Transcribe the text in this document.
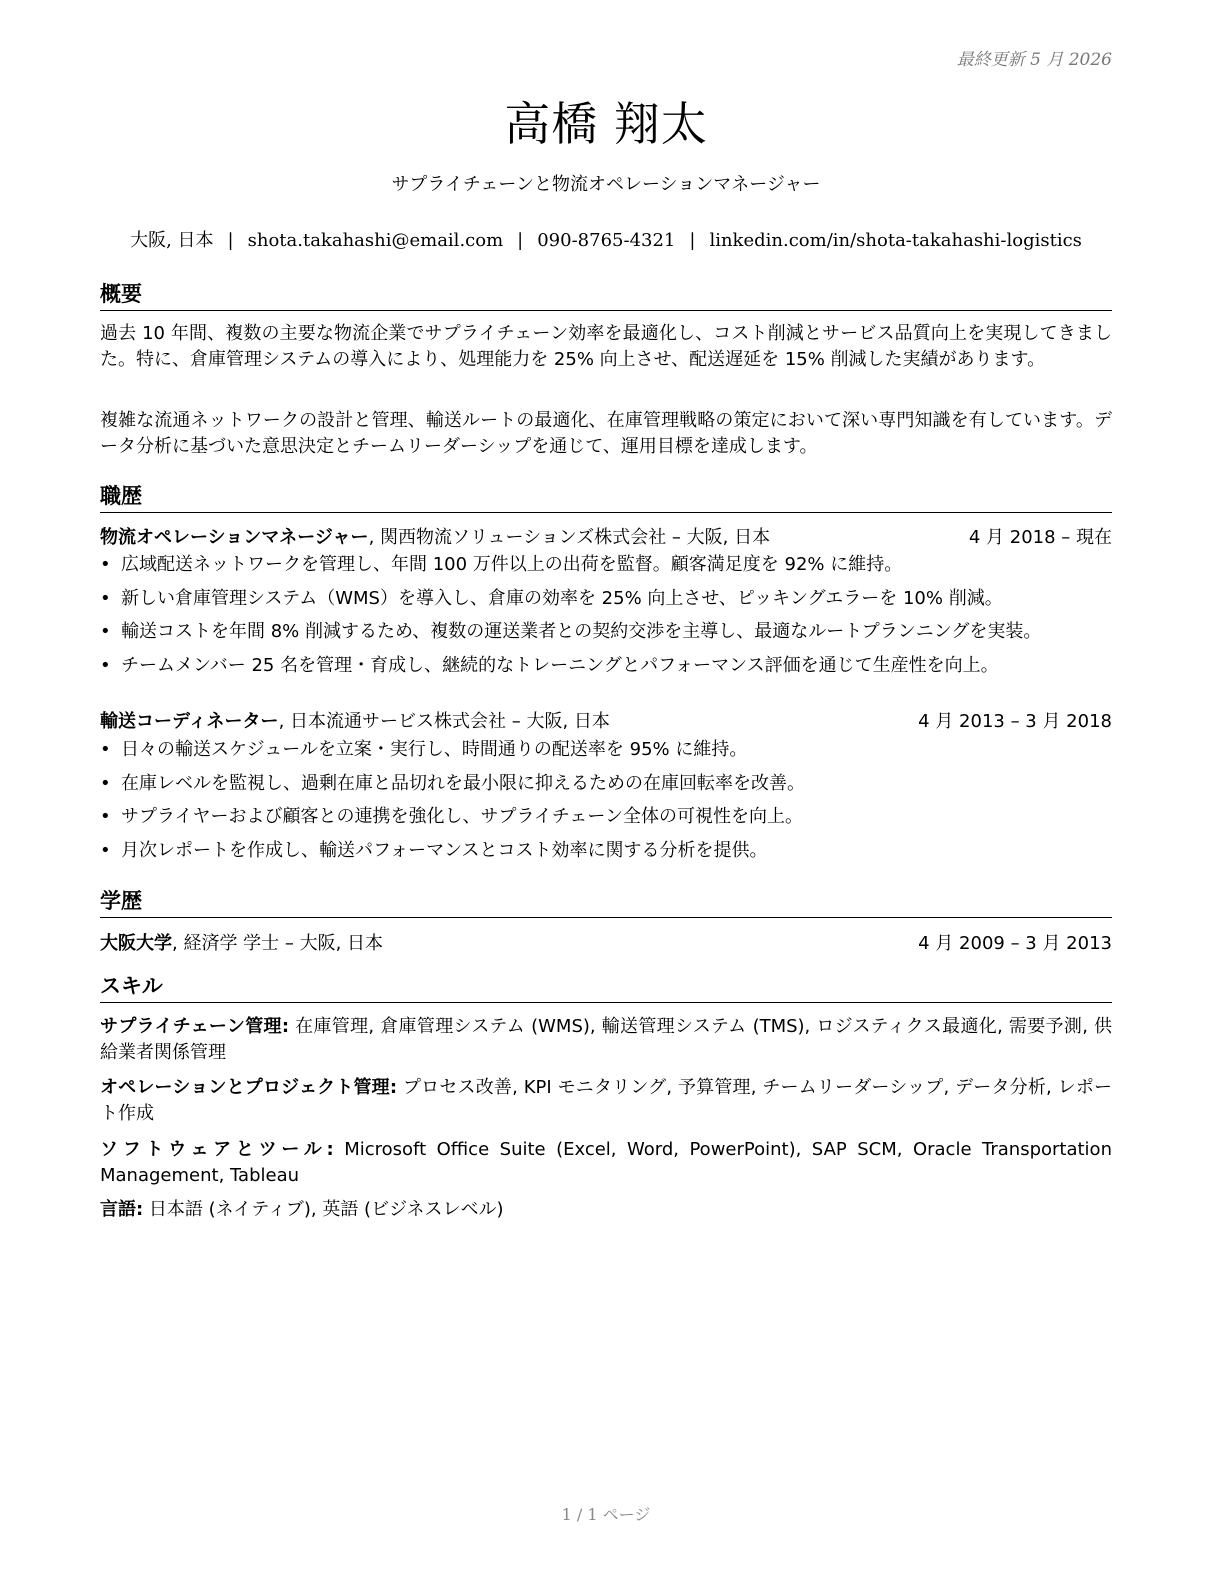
最終更新 5 月 2026
高橋 翔太
サプライチェーンと物流オペレーションマネージャー
大阪, 日本 | shota.takahashi@email.com | 090-8765-4321 | linkedin.com/in/shota-takahashi-logistics
概要
過去 10 年間、複数の主要な物流企業でサプライチェーン効率を最適化し、コスト削減とサービス品質向上を実現してきました。特に、倉庫管理システムの導入により、処理能力を 25% 向上させ、配送遅延を 15% 削減した実績があります。
複雑な流通ネットワークの設計と管理、輸送ルートの最適化、在庫管理戦略の策定において深い専門知識を有しています。データ分析に基づいた意思決定とチームリーダーシップを通じて、運用目標を達成します。
職歴
物流オペレーションマネージャー, 関西物流ソリューションズ株式会社 – 大阪, 日本	4 月 2018 – 現在
• 広域配送ネットワークを管理し、年間 100 万件以上の出荷を監督。顧客満足度を 92% に維持。
• 新しい倉庫管理システム（WMS）を導入し、倉庫の効率を 25% 向上させ、ピッキングエラーを 10% 削減。
• 輸送コストを年間 8% 削減するため、複数の運送業者との契約交渉を主導し、最適なルートプランニングを実装。
• チームメンバー 25 名を管理・育成し、継続的なトレーニングとパフォーマンス評価を通じて生産性を向上。
輸送コーディネーター, 日本流通サービス株式会社 – 大阪, 日本	4 月 2013 – 3 月 2018
• 日々の輸送スケジュールを立案・実行し、時間通りの配送率を 95% に維持。
• 在庫レベルを監視し、過剰在庫と品切れを最小限に抑えるための在庫回転率を改善。
• サプライヤーおよび顧客との連携を強化し、サプライチェーン全体の可視性を向上。
• 月次レポートを作成し、輸送パフォーマンスとコスト効率に関する分析を提供。
学歴
大阪大学, 経済学 学士 – 大阪, 日本	4 月 2009 – 3 月 2013
スキル
サプライチェーン管理: 在庫管理, 倉庫管理システム (WMS), 輸送管理システム (TMS), ロジスティクス最適化, 需要予測, 供給業者関係管理
オペレーションとプロジェクト管理: プロセス改善, KPI モニタリング, 予算管理, チームリーダーシップ, データ分析, レポート作成
ソフトウェアとツール: Microsoft Office Suite (Excel, Word, PowerPoint), SAP SCM, Oracle Transportation Management, Tableau
言語: 日本語 (ネイティブ), 英語 (ビジネスレベル)
1 / 1 ページ
